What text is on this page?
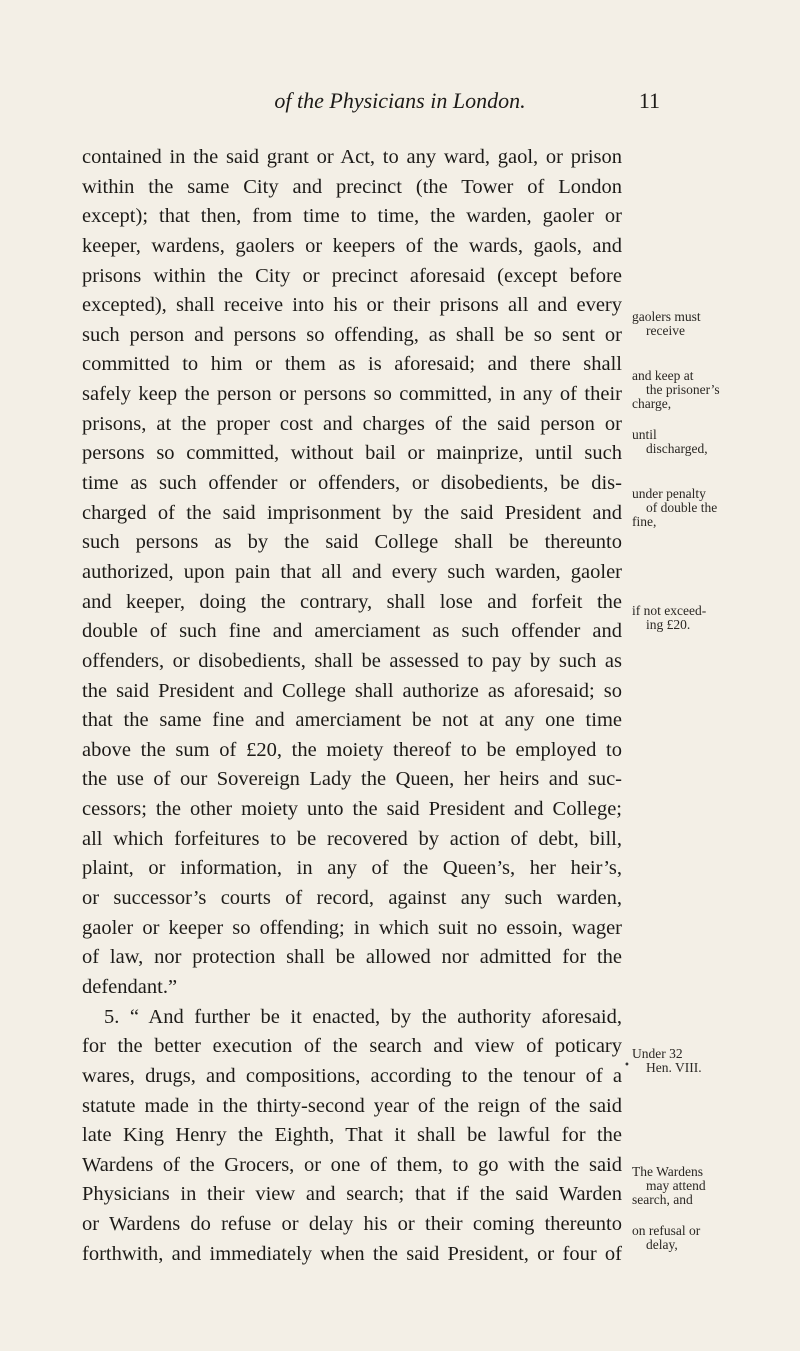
of the Physicians in London.	11
contained in the said grant or Act, to any ward, gaol, or prison
within the same City and precinct (the Tower of London
except); that then, from time to time, the warden, gaoler or
keeper, wardens, gaolers or keepers of the wards, gaols, and
prisons within the City or precinct aforesaid (except before
excepted), shall receive into his or their prisons all and every
such person and persons so offending, as shall be so sent or
committed to him or them as is aforesaid; and there shall
safely keep the person or persons so committed, in any of their
prisons, at the proper cost and charges of the said person or
persons so committed, without bail or mainprize, until such
time as such offender or offenders, or disobedients, be dis-
charged of the said imprisonment by the said President and
such persons as by the said College shall be thereunto
authorized, upon pain that all and every such warden, gaoler
and keeper, doing the contrary, shall lose and forfeit the
double of such fine and amerciament as such offender and
offenders, or disobedients, shall be assessed to pay by such as
the said President and College shall authorize as aforesaid; so
that the same fine and amerciament be not at any one time
above the sum of £20, the moiety thereof to be employed to
the use of our Sovereign Lady the Queen, her heirs and suc-
cessors; the other moiety unto the said President and College;
all which forfeitures to be recovered by action of debt, bill,
plaint, or information, in any of the Queen’s, her heir’s,
or successor’s courts of record, against any such warden,
gaoler or keeper so offending; in which suit no essoin, wager
of law, nor protection shall be allowed nor admitted for the
defendant.”
5. “ And further be it enacted, by the authority aforesaid,
for the better execution of the search and view of poticary
wares, drugs, and compositions, according to the tenour of a
statute made in the thirty-second year of the reign of the said
late King Henry the Eighth, That it shall be lawful for the
Wardens of the Grocers, or one of them, to go with the said
Physicians in their view and search; that if the said Warden
or Wardens do refuse or delay his or their coming thereunto
forthwith, and immediately when the said President, or four of
gaolers must
receive
and keep at
the prisoner’s
charge,
until
discharged,
under penalty
of double the
fine,
if not exceed-
ing £20.
Under 32
Hen. VIII.
The Wardens
may attend
search, and
on refusal or
delay,
•
